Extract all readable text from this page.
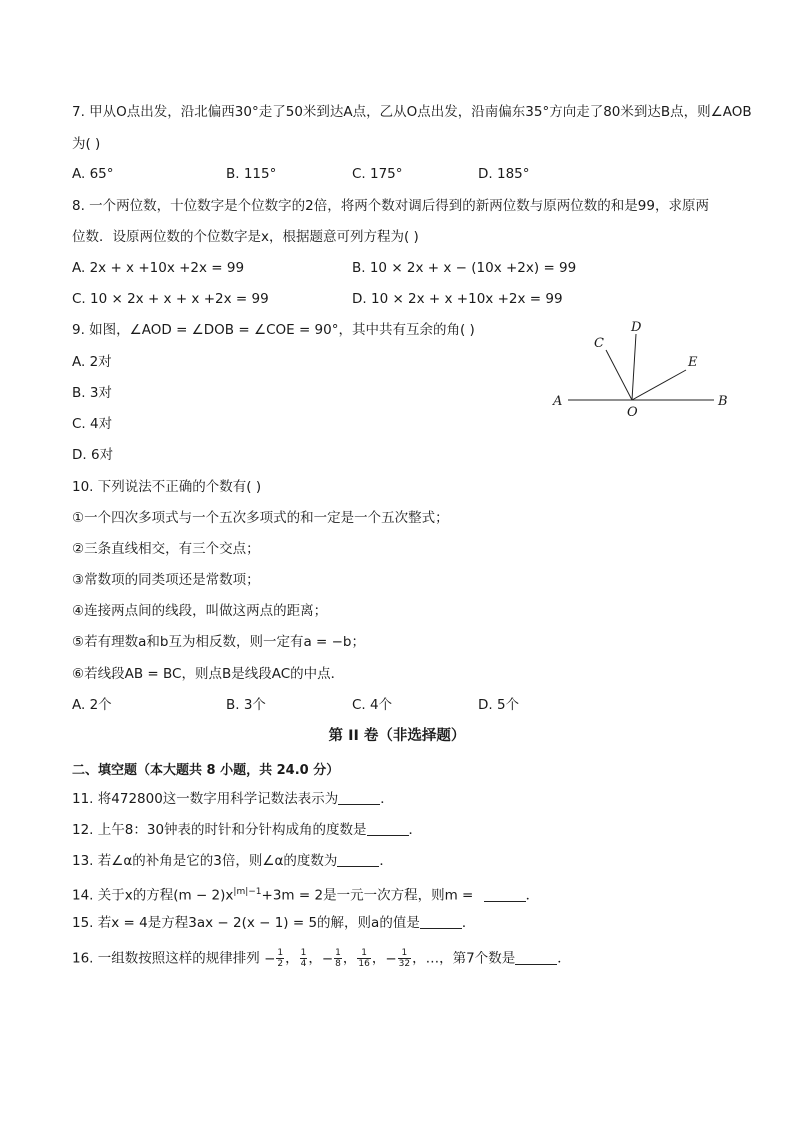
7. 甲从O点出发，沿北偏西30°走了50米到达A点，乙从O点出发，沿南偏东35°方向走了80米到达B点，则∠AOB
为( )
A. 65°	B. 115°	C. 175°	D. 185°
8. 一个两位数，十位数字是个位数字的2倍，将两个数对调后得到的新两位数与原两位数的和是99，求原两
位数．设原两位数的个位数字是x，根据题意可列方程为( )
A. 2x + x +10x +2x = 99	B. 10 × 2x + x − (10x +2x) = 99
C. 10 × 2x + x + x +2x = 99	D. 10 × 2x + x +10x +2x = 99
9. 如图，∠AOD = ∠DOB = ∠COE = 90°，其中共有互余的角( )
A. 2对
B. 3对
C. 4对
D. 6对
A	B
C
D
E
O
10. 下列说法不正确的个数有( )
①一个四次多项式与一个五次多项式的和一定是一个五次整式；
②三条直线相交，有三个交点；
③常数项的同类项还是常数项；
④连接两点间的线段，叫做这两点的距离；
⑤若有理数a和b互为相反数，则一定有a = −b；
⑥若线段AB = BC，则点B是线段AC的中点．
A. 2个	B. 3个	C. 4个	D. 5个
第 II 卷（非选择题）
二、填空题（本大题共 8 小题，共 24.0 分）
11. 将472800这一数字用科学记数法表示为	．
12. 上午8：30钟表的时针和分针构成角的度数是	．
13. 若∠α的补角是它的3倍，则∠α的度数为	．
14. 关于x的方程$(m - 2)x^{|m|-1}+3m = 2$是一元一次方程，则m =	．
15. 若x = 4是方程3ax − 2(x − 1) = 5的解，则a的值是	．
16. 一组数按照这样的规律排列 − $\frac{1}{2}$ ， $\frac{1}{4}$ ，− $\frac{1}{8}$ ， $\frac{1}{16}$ ，− $\frac{1}{32}$ ，…，第7个数是	．
